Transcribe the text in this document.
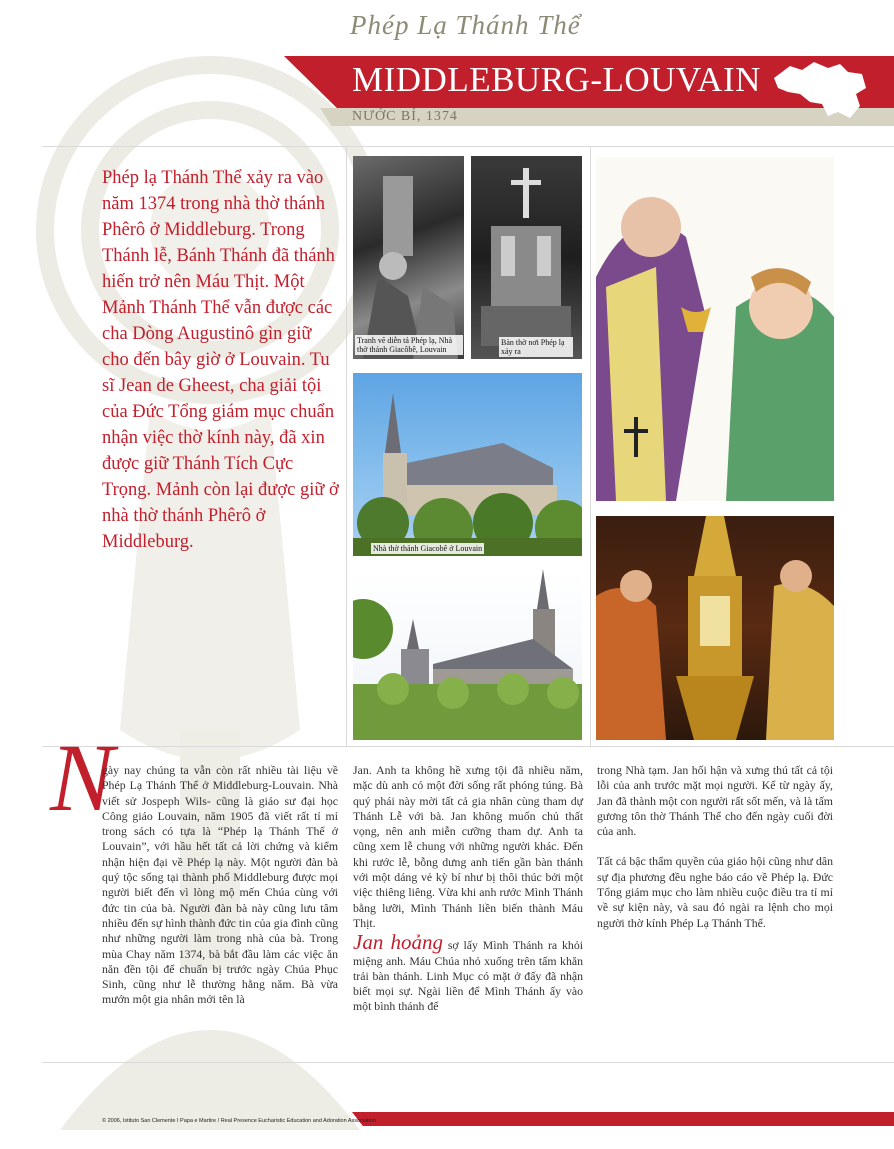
Phép Lạ Thánh Thể
MIDDLEBURG-LOUVAIN
NƯỚC BỈ, 1374
Phép lạ Thánh Thể xảy ra vào năm 1374 trong nhà thờ thánh Phêrô ở Middleburg. Trong Thánh lễ, Bánh Thánh đã thánh hiến trở nên Máu Thịt. Một Mảnh Thánh Thể vẫn được các cha Dòng Augustinô gìn giữ cho đến bây giờ ở Louvain. Tu sĩ Jean de Gheest, cha giải tội của Đức Tổng giám mục chuẩn nhận việc thờ kính này, đã xin được giữ Thánh Tích Cực Trọng. Mảnh còn lại được giữ ở nhà thờ thánh Phêrô ở Middleburg.
Tranh vẽ diễn tả Phép lạ, Nhà thờ thánh Giacôbê, Louvain
Bàn thờ nơi Phép lạ xảy ra
Nhà thờ thánh Giacobê ở Louvain
N
gày nay chúng ta vẫn còn rất nhiều tài liệu về Phép Lạ Thánh Thể ở Middleburg-Louvain. Nhà viết sử Jospeph Wils- cũng là giáo sư đại học Công giáo Louvain, năm 1905 đã viết rất tỉ mỉ trong sách có tựa là “Phép lạ Thánh Thể ở Louvain”, với hầu hết tất cả lời chứng và kiểm nhận hiện đại về Phép lạ này. Một người đàn bà quý tộc sống tại thành phố Middleburg được mọi người biết đến vì lòng mộ mến Chúa cùng với đức tin của bà. Người đàn bà này cũng lưu tâm nhiều đến sự hình thành đức tin của gia đình cũng như những người làm trong nhà của bà. Trong mùa Chay năm 1374, bà bắt đầu làm các việc ăn năn đền tội để chuẩn bị trước ngày Chúa Phục Sinh, cũng như lễ thường hằng năm. Bà vừa mướn một gia nhân mới tên là
Jan. Anh ta không hề xưng tội đã nhiều năm, mặc dù anh có một đời sống rất phóng túng. Bà quý phái này mời tất cả gia nhân cùng tham dự Thánh Lễ với bà. Jan không muốn chủ thất vọng, nên anh miễn cưỡng tham dự. Anh ta cũng xem lễ chung với những người khác. Đến khi rước lễ, bỗng dưng anh tiến gần bàn thánh với một dáng vẻ kỳ bí như bị thôi thúc bởi một việc thiêng liêng. Vừa khi anh rước Mình Thánh bằng lưỡi, Mình Thánh liền biến thành Máu Thịt.
Jan hoảng sợ lấy Mình Thánh ra khỏi miệng anh. Máu Chúa nhỏ xuống trên tấm khăn trải bàn thánh. Linh Mục có mặt ở đấy đã nhận biết mọi sự. Ngài liền để Mình Thánh ấy vào một bình thánh để
trong Nhà tạm. Jan hối hận và xưng thú tất cả tội lỗi của anh trước mặt mọi người. Kể từ ngày ấy, Jan đã thành một con người rất sốt mến, và là tấm gương tôn thờ Thánh Thể cho đến ngày cuối đời của anh.
Tất cả bậc thẩm quyền của giáo hội cũng như dân sự địa phương đều nghe báo cáo về Phép lạ. Đức Tổng giám mục cho làm nhiều cuộc điều tra tỉ mỉ về sự kiện này, và sau đó ngài ra lệnh cho mọi người thờ kính Phép Lạ Thánh Thể.
© 2006, Istituto San Clemente I Papa e Martire / Real Presence Eucharistic Education and Adoration Association
